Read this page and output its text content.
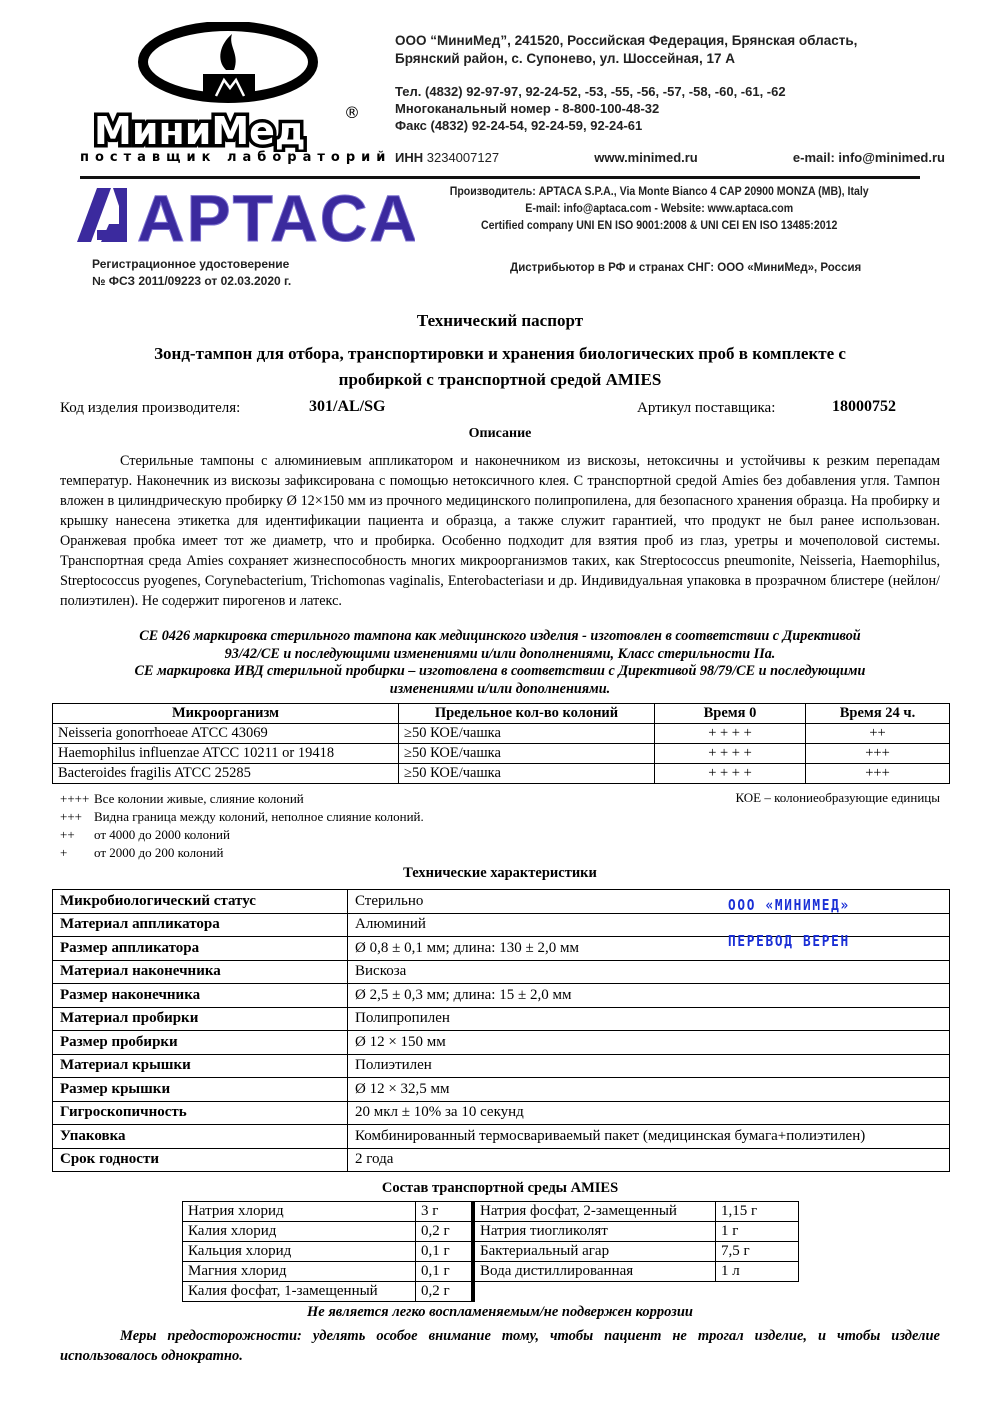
МиниМед ®
поставщик лабораторий
ООО “МиниМед”, 241520, Российская Федерация, Брянская область,
Брянский район, с. Супонево, ул. Шоссейная, 17 А
Тел. (4832) 92-97-97, 92-24-52, -53, -55, -56, -57, -58, -60, -61, -62
Многоканальный номер - 8-800-100-48-32
Факс (4832) 92-24-54, 92-24-59, 92-24-61
ИНН 3234007127	www.minimed.ru	e-mail: info@minimed.ru
APTACA	Производитель: APTACA S.P.A., Via Monte Bianco 4 CAP 20900 MONZA (MB), Italy
E-mail: info@aptaca.com - Website: www.aptaca.com
Certified company UNI EN ISO 9001:2008 & UNI CEI EN ISO 13485:2012
Регистрационное удостоверение
№ ФСЗ 2011/09223 от 02.03.2020 г.
Дистрибьютор в РФ и странах СНГ: ООО «МиниМед», Россия
Технический паспорт
Зонд-тампон для отбора, транспортировки и хранения биологических проб в комплекте с
пробиркой с транспортной средой AMIES
Код изделия производителя:	301/AL/SG	Артикул поставщика:	18000752
Описание
Стерильные тампоны с алюминиевым аппликатором и наконечником из вискозы, нетоксичны и устойчивы к резким перепадам температур. Наконечник из вискозы зафиксирована с помощью нетоксичного клея. С транспортной средой Amies без добавления угля. Тампон вложен в цилиндрическую пробирку Ø 12×150 мм из прочного медицинского полипропилена, для безопасного хранения образца. На пробирку и крышку нанесена этикетка для идентификации пациента и образца, а также служит гарантией, что продукт не был ранее использован. Оранжевая пробка имеет тот же диаметр, что и пробирка. Особенно подходит для взятия проб из глаз, уретры и мочеполовой системы. Транспортная среда Amies сохраняет жизнеспособность многих микроорганизмов таких, как Streptococcus pneumonite, Neisseria, Haemophilus, Streptococcus pyogenes, Corynebacterium, Trichomonas vaginalis, Enterobacteriasи и др. Индивидуальная упаковка в прозрачном блистере (нейлон/полиэтилен). Не содержит пирогенов и латекс.
CE 0426 маркировка стерильного тампона как медицинского изделия - изготовлен в соответствии с Директивой
93/42/CE и последующими изменениями и/или дополнениями, Класс стерильности IIa.
CE маркировка ИВД стерильной пробирки – изготовлена в соответствии с Директивой 98/79/CE и последующими
изменениями и/или дополнениями.
Микроорганизм	Предельное кол-во колоний	Время 0	Время 24 ч.
Neisseria gonorrhoeae ATCC 43069	≥50 КОЕ/чашка	+ + + +	++
Haemophilus influenzae ATCC 10211 or 19418	≥50 КОЕ/чашка	+ + + +	+++
Bacteroides fragilis ATCC 25285	≥50 КОЕ/чашка	+ + + +	+++
++++ Все колонии живые, слияние колоний
+++ Видна граница между колоний, неполное слияние колоний.
++ от 4000 до 2000 колоний
+ от 2000 до 200 колоний
КОЕ – колониеобразующие единицы
Технические характеристики
Микробиологический статус	Стерильно
Материал аппликатора	Алюминий
Размер аппликатора	Ø 0,8 ± 0,1 мм; длина: 130 ± 2,0 мм
Материал наконечника	Вискоза
Размер наконечника	Ø 2,5 ± 0,3 мм; длина: 15 ± 2,0 мм
Материал пробирки	Полипропилен
Размер пробирки	Ø 12 × 150 мм
Материал крышки	Полиэтилен
Размер крышки	Ø 12 × 32,5 мм
Гигроскопичность	20 мкл ± 10% за 10 секунд
Упаковка	Комбинированный термосвариваемый пакет (медицинская бумага+полиэтилен)
Срок годности	2 года
ООО «МИНИМЕД»
ПЕРЕВОД ВЕРЕН
Состав транспортной среды AMIES
Натрия хлорид	3 г	Натрия фосфат, 2-замещенный	1,15 г
Калия хлорид	0,2 г	Натрия тиогликолят	1 г
Кальция хлорид	0,1 г	Бактериальный агар	7,5 г
Магния хлорид	0,1 г	Вода дистиллированная	1 л
Калия фосфат, 1-замещенный	0,2 г		
Не является легко воспламеняемым/не подвержен коррозии
Меры предосторожности: уделять особое внимание тому, чтобы пациент не трогал изделие, и чтобы изделие использовалось однократно.
